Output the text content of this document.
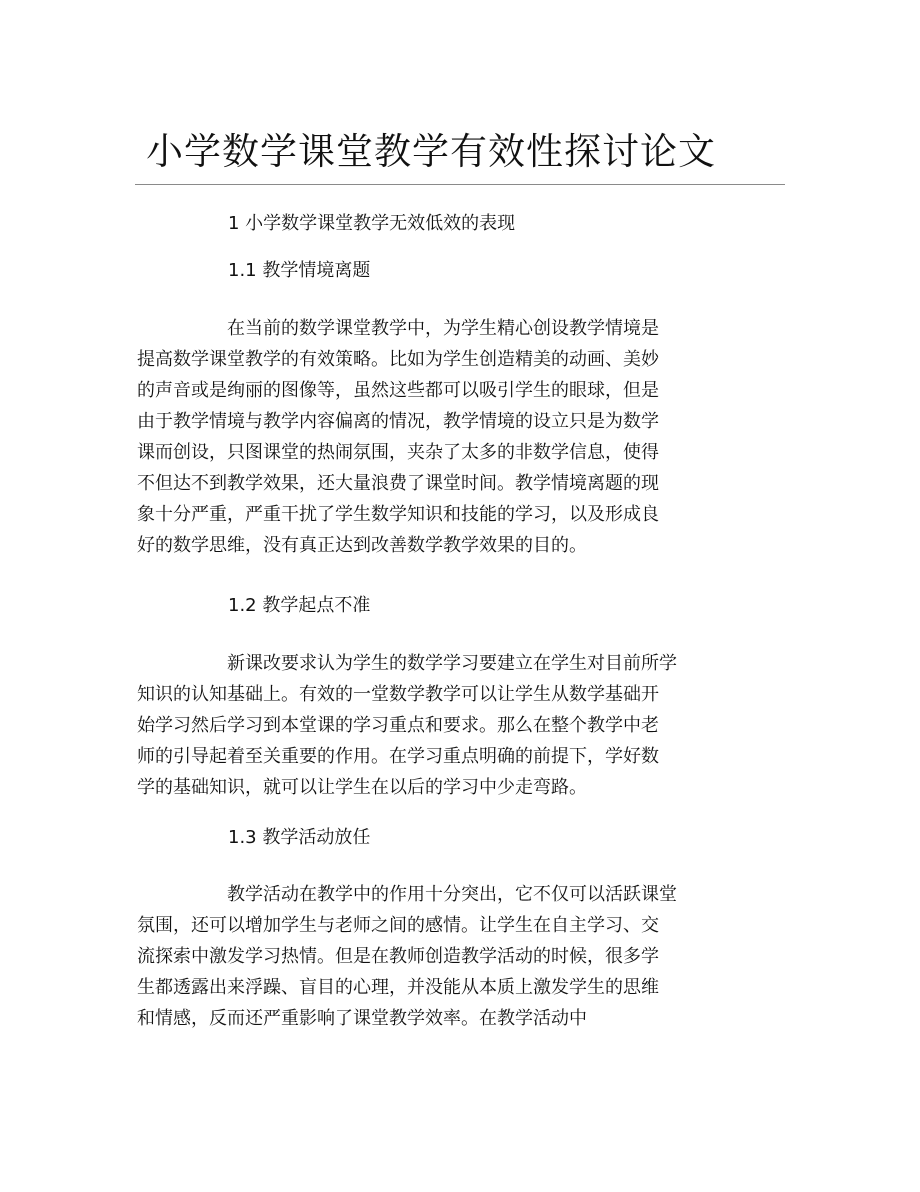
小学数学课堂教学有效性探讨论文
1 小学数学课堂教学无效低效的表现
1.1 教学情境离题
在当前的数学课堂教学中，为学生精心创设教学情境是
提高数学课堂教学的有效策略。比如为学生创造精美的动画、美妙
的声音或是绚丽的图像等，虽然这些都可以吸引学生的眼球，但是
由于教学情境与教学内容偏离的情况，教学情境的设立只是为数学
课而创设，只图课堂的热闹氛围，夹杂了太多的非数学信息，使得
不但达不到教学效果，还大量浪费了课堂时间。教学情境离题的现
象十分严重，严重干扰了学生数学知识和技能的学习，以及形成良
好的数学思维，没有真正达到改善数学教学效果的目的。
1.2 教学起点不准
新课改要求认为学生的数学学习要建立在学生对目前所学
知识的认知基础上。有效的一堂数学教学可以让学生从数学基础开
始学习然后学习到本堂课的学习重点和要求。那么在整个教学中老
师的引导起着至关重要的作用。在学习重点明确的前提下，学好数
学的基础知识，就可以让学生在以后的学习中少走弯路。
1.3 教学活动放任
教学活动在教学中的作用十分突出，它不仅可以活跃课堂
氛围，还可以增加学生与老师之间的感情。让学生在自主学习、交
流探索中激发学习热情。但是在教师创造教学活动的时候，很多学
生都透露出来浮躁、盲目的心理，并没能从本质上激发学生的思维
和情感，反而还严重影响了课堂教学效率。在教学活动中
